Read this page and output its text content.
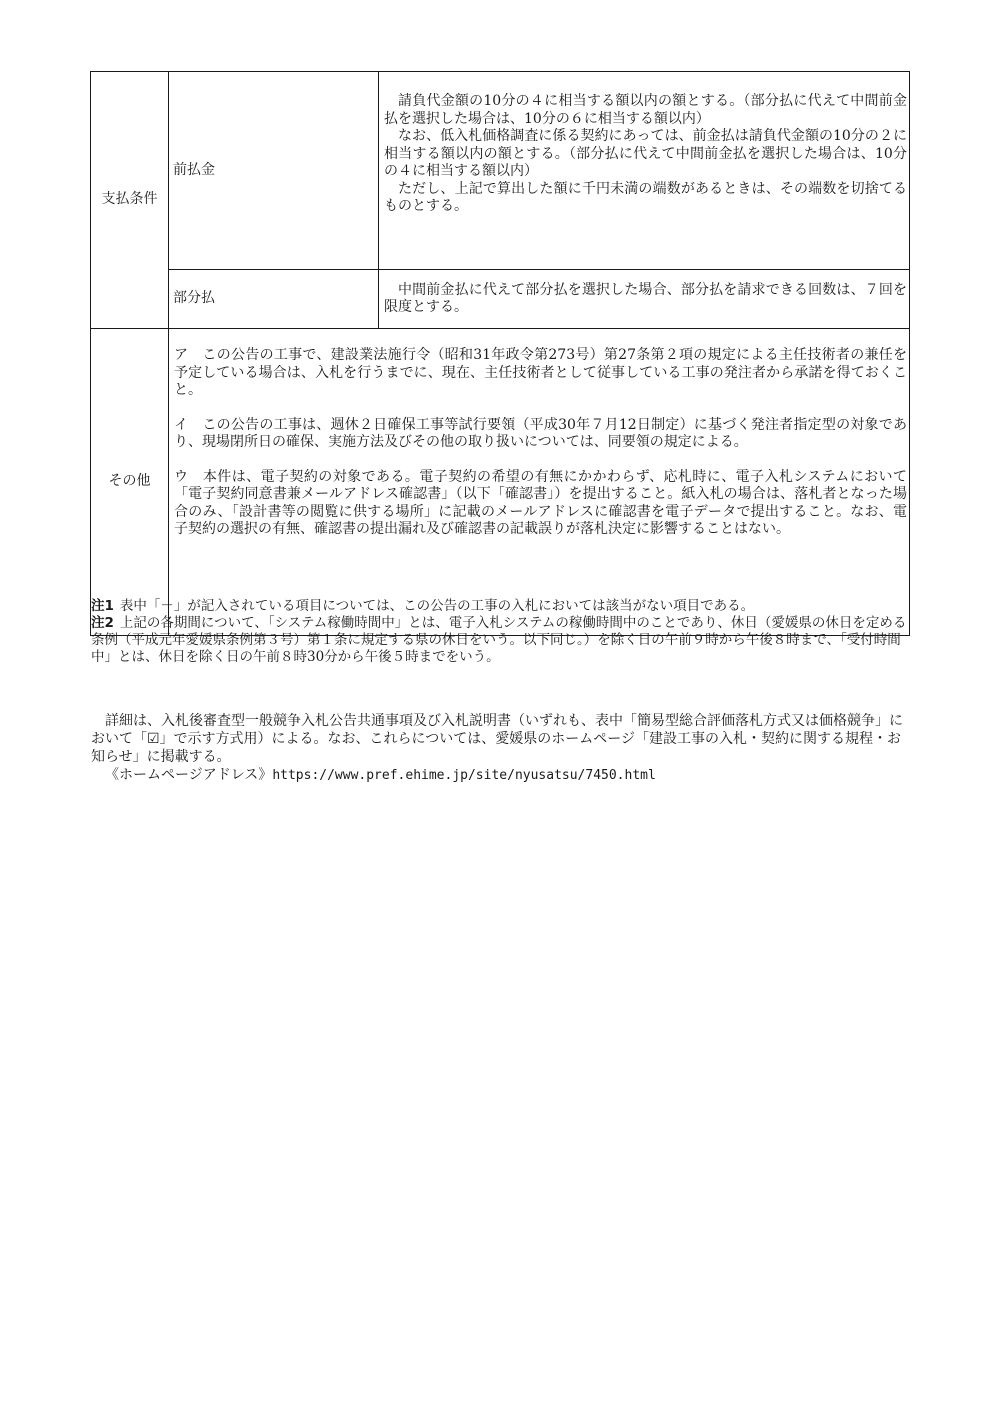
支払条件	前払金	請負代金額の10分の４に相当する額以内の額とする。（部分払に代えて中間前金払を選択した場合は、10分の６に相当する額以内）

なお、低入札価格調査に係る契約にあっては、前金払は請負代金額の10分の２に相当する額以内の額とする。（部分払に代えて中間前金払を選択した場合は、10分の４に相当する額以内）

ただし、上記で算出した額に千円未満の端数があるときは、その端数を切捨てるものとする。

	部分払	中間前金払に代えて部分払を選択した場合、部分払を請求できる回数は、７回を限度とする。

その他	ア　この公告の工事で、建設業法施行令（昭和31年政令第273号）第27条第２項の規定による主任技術者の兼任を予定している場合は、入札を行うまでに、現在、主任技術者として従事している工事の発注者から承諾を得ておくこと。

イ　この公告の工事は、週休２日確保工事等試行要領（平成30年７月12日制定）に基づく発注者指定型の対象であり、現場閉所日の確保、実施方法及びその他の取り扱いについては、同要領の規定による。

ウ　本件は、電子契約の対象である。電子契約の希望の有無にかかわらず、応札時に、電子入札システムにおいて「電子契約同意書兼メールアドレス確認書」（以下「確認書」）を提出すること。紙入札の場合は、落札者となった場合のみ、「設計書等の閲覧に供する場所」に記載のメールアドレスに確認書を電子データで提出すること。なお、電子契約の選択の有無、確認書の提出漏れ及び確認書の記載誤りが落札決定に影響することはない。	

注1 表中「－」が記入されている項目については、この公告の工事の入札においては該当がない項目である。

注2 上記の各期間について、「システム稼働時間中」とは、電子入札システムの稼働時間中のことであり、休日（愛媛県の休日を定める条例（平成元年愛媛県条例第３号）第１条に規定する県の休日をいう。以下同じ。）を除く日の午前９時から午後８時まで、「受付時間中」とは、休日を除く日の午前８時30分から午後５時までをいう。

詳細は、入札後審査型一般競争入札公告共通事項及び入札説明書（いずれも、表中「簡易型総合評価落札方式又は価格競争」において「☑」で示す方式用）による。なお、これらについては、愛媛県のホームページ「建設工事の入札・契約に関する規程・お知らせ」に掲載する。

《ホームページアドレス》https://www.pref.ehime.jp/site/nyusatsu/7450.html
